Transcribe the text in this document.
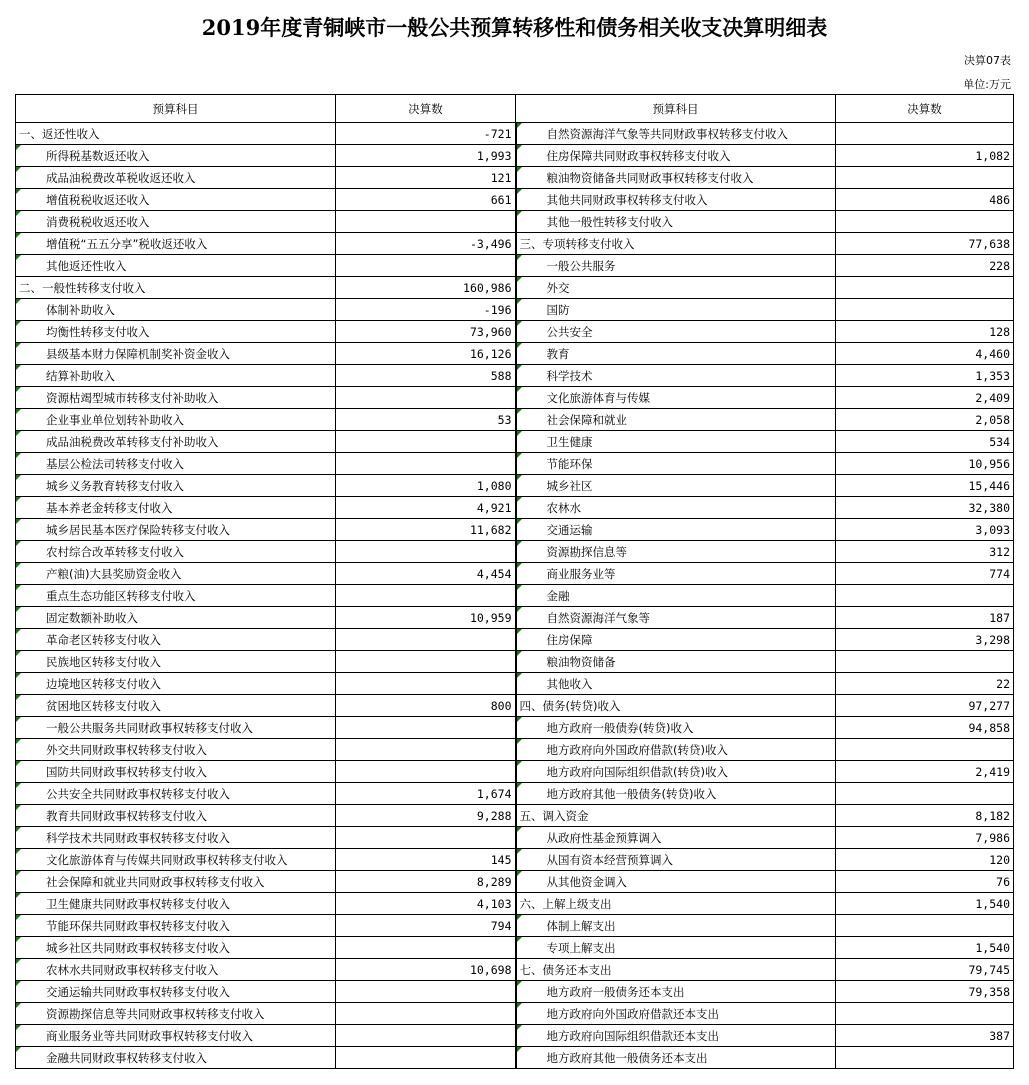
2019年度青铜峡市一般公共预算转移性和债务相关收支决算明细表
决算07表
单位:万元
预算科目	决算数	预算科目	决算数
一、返还性收入	-721	自然资源海洋气象等共同财政事权转移支付收入	
所得税基数返还收入	1,993	住房保障共同财政事权转移支付收入	1,082
成品油税费改革税收返还收入	121	粮油物资储备共同财政事权转移支付收入	
增值税税收返还收入	661	其他共同财政事权转移支付收入	486
消费税税收返还收入		其他一般性转移支付收入	
增值税“五五分享”税收返还收入	-3,496	三、专项转移支付收入	77,638
其他返还性收入		一般公共服务	228
二、一般性转移支付收入	160,986	外交	
体制补助收入	-196	国防	
均衡性转移支付收入	73,960	公共安全	128
县级基本财力保障机制奖补资金收入	16,126	教育	4,460
结算补助收入	588	科学技术	1,353
资源枯竭型城市转移支付补助收入		文化旅游体育与传媒	2,409
企业事业单位划转补助收入	53	社会保障和就业	2,058
成品油税费改革转移支付补助收入		卫生健康	534
基层公检法司转移支付收入		节能环保	10,956
城乡义务教育转移支付收入	1,080	城乡社区	15,446
基本养老金转移支付收入	4,921	农林水	32,380
城乡居民基本医疗保险转移支付收入	11,682	交通运输	3,093
农村综合改革转移支付收入		资源勘探信息等	312
产粮(油)大县奖励资金收入	4,454	商业服务业等	774
重点生态功能区转移支付收入		金融	
固定数额补助收入	10,959	自然资源海洋气象等	187
革命老区转移支付收入		住房保障	3,298
民族地区转移支付收入		粮油物资储备	
边境地区转移支付收入		其他收入	22
贫困地区转移支付收入	800	四、债务(转贷)收入	97,277
一般公共服务共同财政事权转移支付收入		地方政府一般债券(转贷)收入	94,858
外交共同财政事权转移支付收入		地方政府向外国政府借款(转贷)收入	
国防共同财政事权转移支付收入		地方政府向国际组织借款(转贷)收入	2,419
公共安全共同财政事权转移支付收入	1,674	地方政府其他一般债务(转贷)收入	
教育共同财政事权转移支付收入	9,288	五、调入资金	8,182
科学技术共同财政事权转移支付收入		从政府性基金预算调入	7,986
文化旅游体育与传媒共同财政事权转移支付收入	145	从国有资本经营预算调入	120
社会保障和就业共同财政事权转移支付收入	8,289	从其他资金调入	76
卫生健康共同财政事权转移支付收入	4,103	六、上解上级支出	1,540
节能环保共同财政事权转移支付收入	794	体制上解支出	
城乡社区共同财政事权转移支付收入		专项上解支出	1,540
农林水共同财政事权转移支付收入	10,698	七、债务还本支出	79,745
交通运输共同财政事权转移支付收入		地方政府一般债务还本支出	79,358
资源勘探信息等共同财政事权转移支付收入		地方政府向外国政府借款还本支出	
商业服务业等共同财政事权转移支付收入		地方政府向国际组织借款还本支出	387
金融共同财政事权转移支付收入		地方政府其他一般债务还本支出	
